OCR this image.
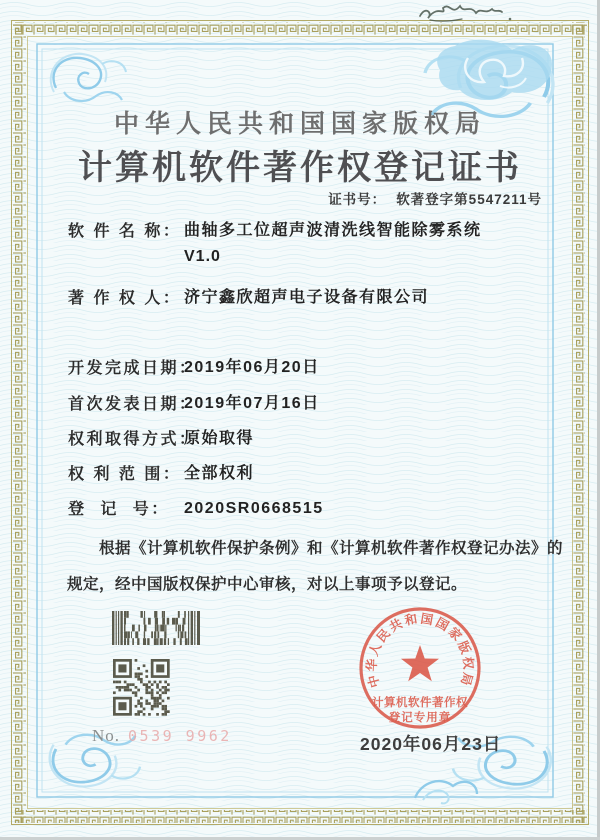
中华人民共和国国家版权局
计算机软件著作权登记证书
证书号： 软著登字第5547211号
软 件 名 称： 曲轴多工位超声波清洗线智能除雾系统
V1.0
著 作 权 人： 济宁鑫欣超声电子设备有限公司
开发完成日期：
2019年06月20日
首次发表日期：
2019年07月16日
权利取得方式：
原始取得
权 利 范 围： 全部权利
登  记  号： 2020SR0668515
根据《计算机软件保护条例》和《计算机软件著作权登记办法》的
规定，经中国版权保护中心审核，对以上事项予以登记。
No. 0539 9962	2020年06月23日
中华人民共和国国家版权局
计算机软件著作权
登记专用章
